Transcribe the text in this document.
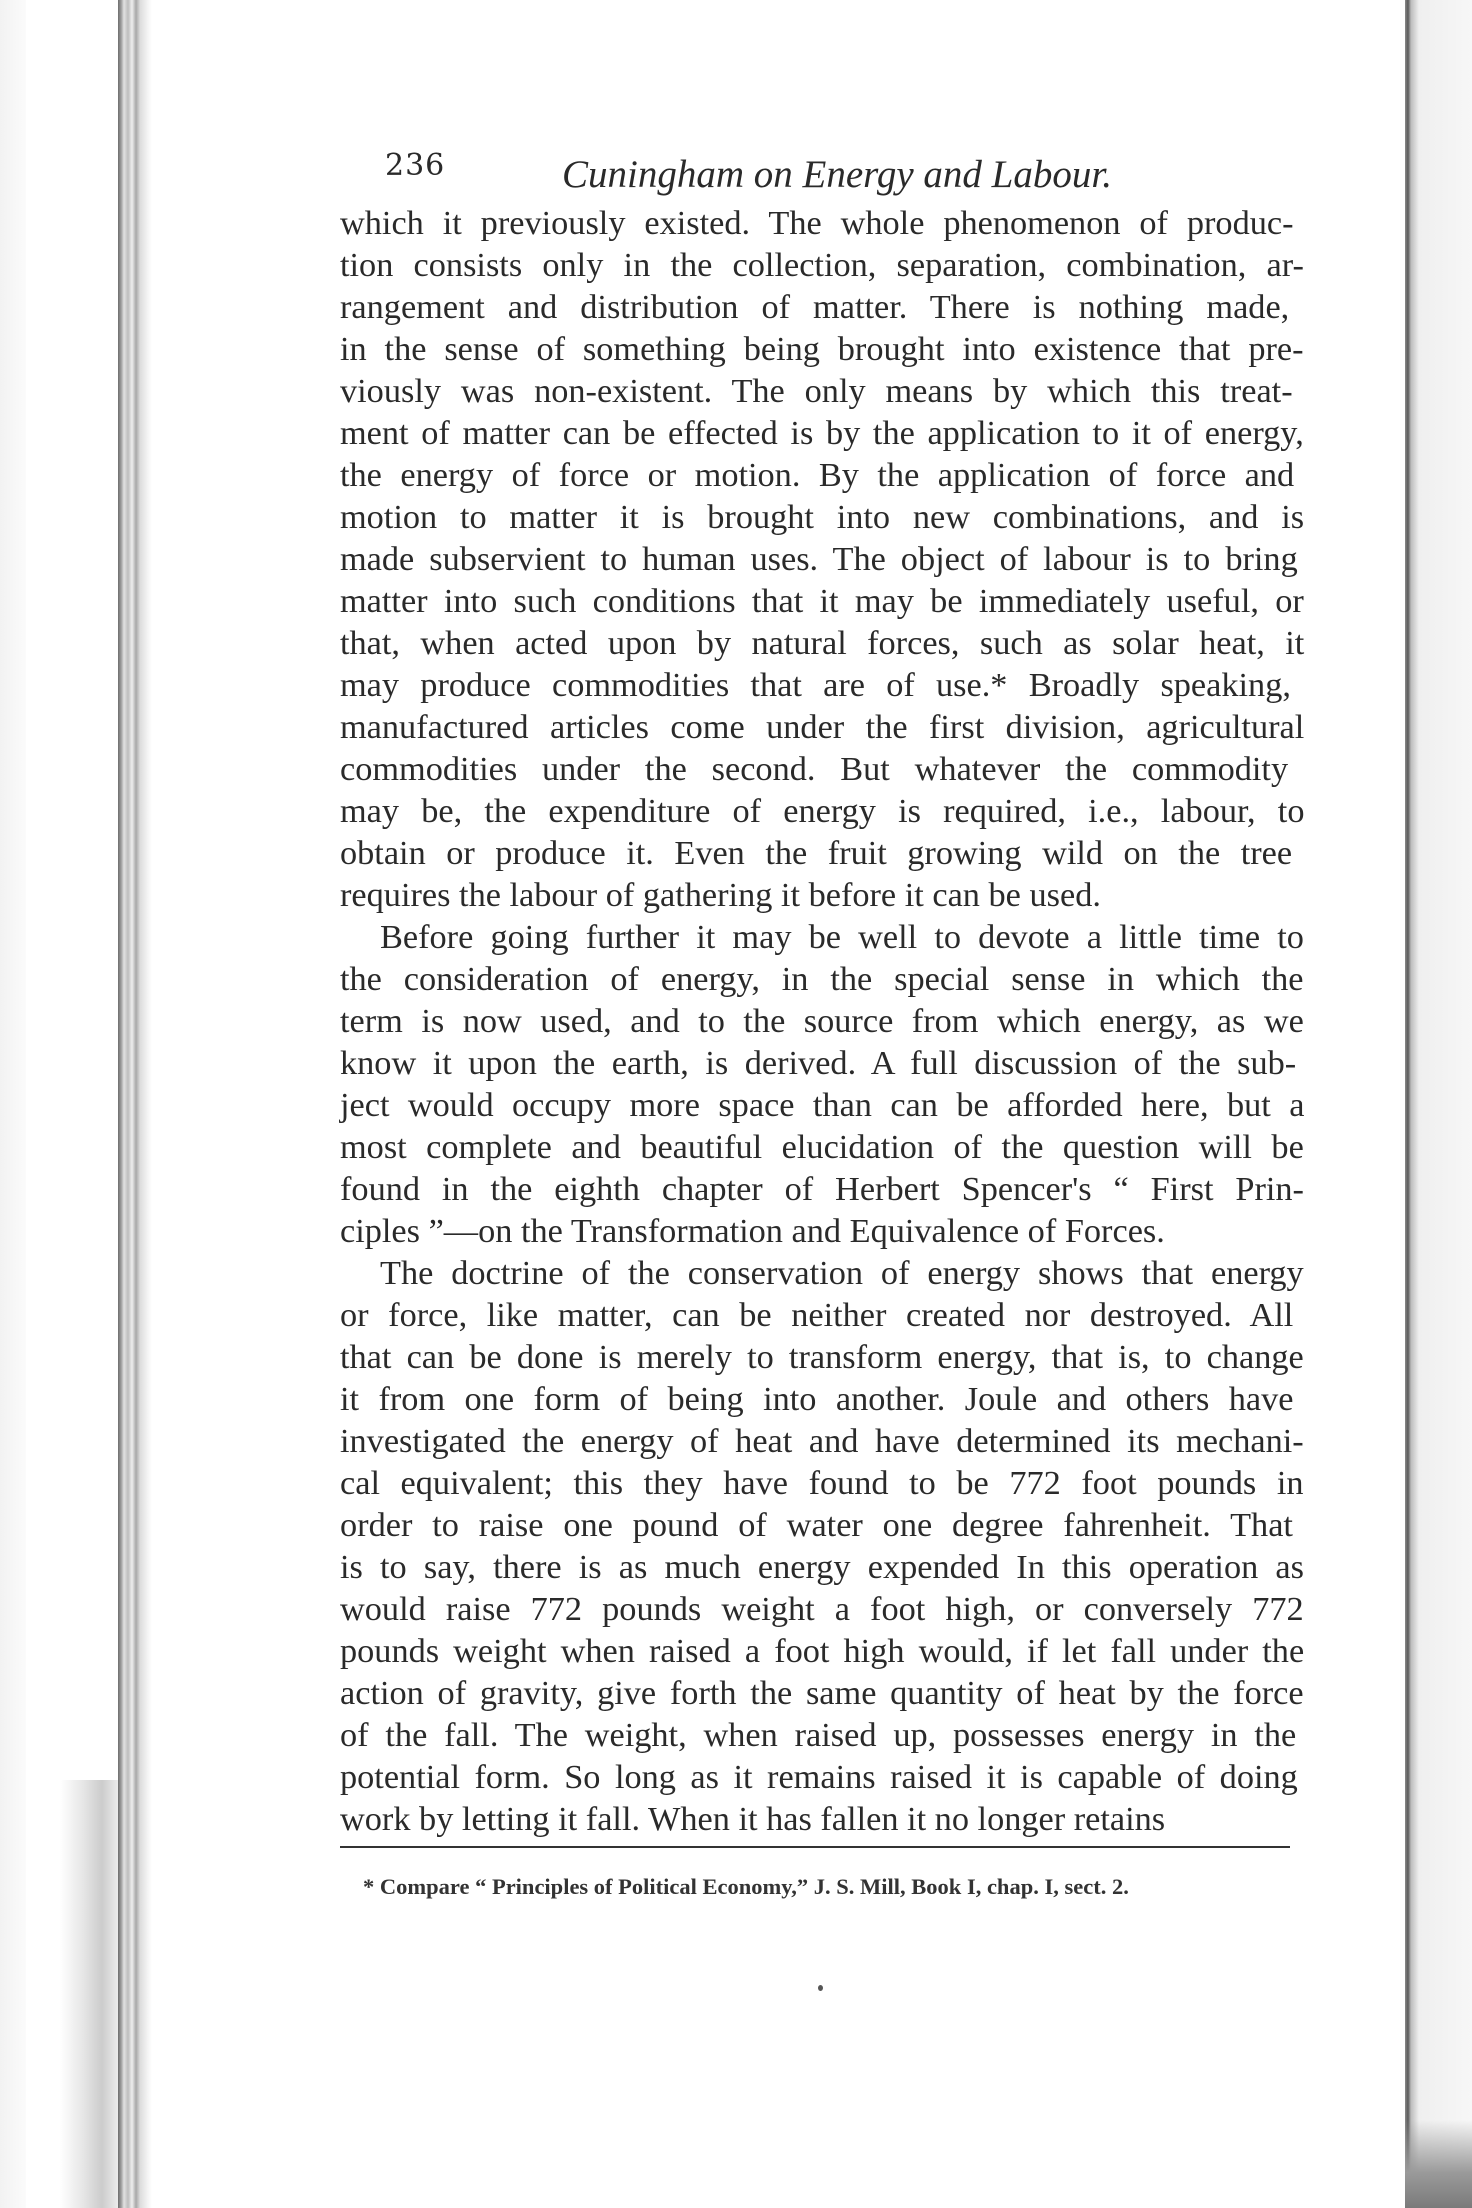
236	Cuningham on Energy and Labour.
which it previously existed. The whole phenomenon of produc-
tion consists only in the collection, separation, combination, ar-
rangement and distribution of matter. There is nothing made,
in the sense of something being brought into existence that pre-
viously was non-existent. The only means by which this treat-
ment of matter can be effected is by the application to it of energy,
the energy of force or motion. By the application of force and
motion to matter it is brought into new combinations, and is
made subservient to human uses. The object of labour is to bring
matter into such conditions that it may be immediately useful, or
that, when acted upon by natural forces, such as solar heat, it
may produce commodities that are of use.* Broadly speaking,
manufactured articles come under the first division, agricultural
commodities under the second. But whatever the commodity
may be, the expenditure of energy is required, i.e., labour, to
obtain or produce it. Even the fruit growing wild on the tree
requires the labour of gathering it before it can be used.
Before going further it may be well to devote a little time to
the consideration of energy, in the special sense in which the
term is now used, and to the source from which energy, as we
know it upon the earth, is derived. A full discussion of the sub-
ject would occupy more space than can be afforded here, but a
most complete and beautiful elucidation of the question will be
found in the eighth chapter of Herbert Spencer's “ First Prin-
ciples ”—on the Transformation and Equivalence of Forces.
The doctrine of the conservation of energy shows that energy
or force, like matter, can be neither created nor destroyed. All
that can be done is merely to transform energy, that is, to change
it from one form of being into another. Joule and others have
investigated the energy of heat and have determined its mechani-
cal equivalent; this they have found to be 772 foot pounds in
order to raise one pound of water one degree fahrenheit. That
is to say, there is as much energy expended In this operation as
would raise 772 pounds weight a foot high, or conversely 772
pounds weight when raised a foot high would, if let fall under the
action of gravity, give forth the same quantity of heat by the force
of the fall. The weight, when raised up, possesses energy in the
potential form. So long as it remains raised it is capable of doing
work by letting it fall. When it has fallen it no longer retains
* Compare “ Principles of Political Economy,” J. S. Mill, Book I, chap. I, sect. 2.
